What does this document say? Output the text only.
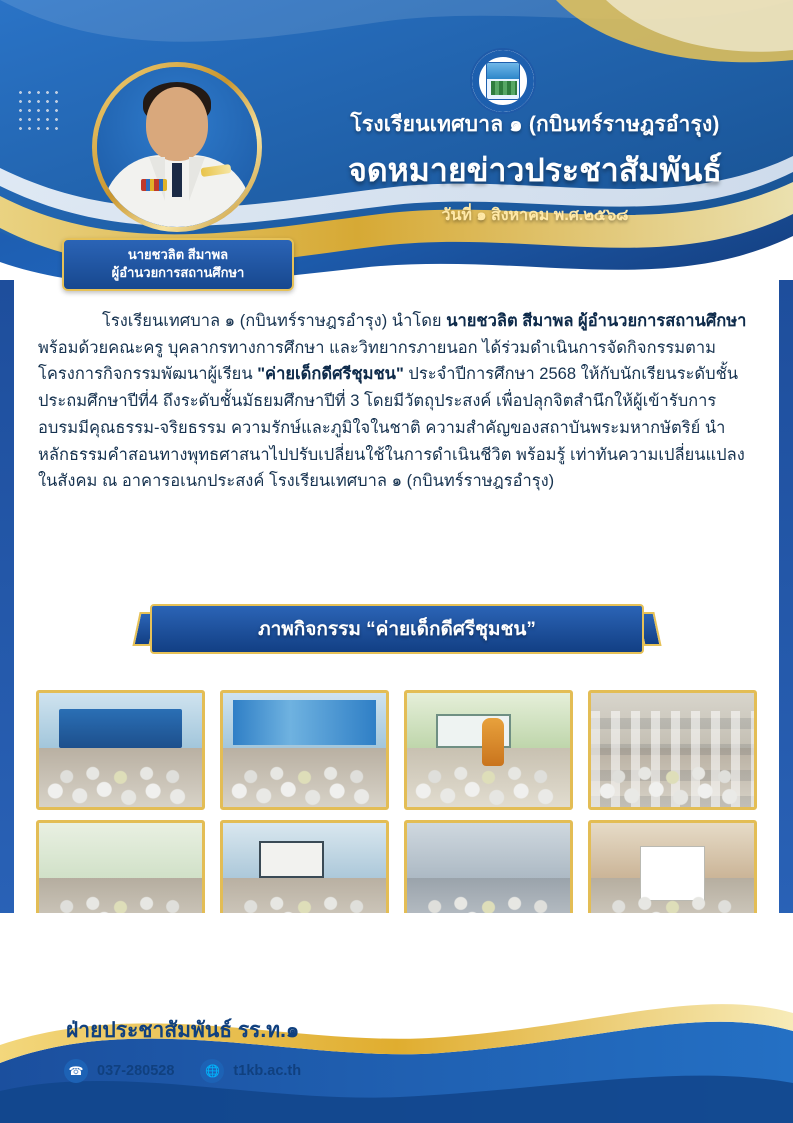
นายชวลิต สีมาพล
ผู้อำนวยการสถานศึกษา
โรงเรียนเทศบาล ๑ (กบินทร์ราษฎรอำรุง)
จดหมายข่าวประชาสัมพันธ์
วันที่ ๑ สิงหาคม พ.ศ.๒๕๖๘

โรงเรียนเทศบาล ๑ (กบินทร์ราษฎรอำรุง) นำโดย นายชวลิต สีมาพล ผู้อำนวยการสถานศึกษา พร้อมด้วยคณะครู บุคลากรทางการศึกษา และวิทยากรภายนอก ได้ร่วมดำเนินการจัดกิจกรรมตามโครงการกิจกรรมพัฒนาผู้เรียน "ค่ายเด็กดีศรีชุมชน" ประจำปีการศึกษา 2568 ให้กับนักเรียนระดับชั้นประถมศึกษาปีที่4 ถึงระดับชั้นมัธยมศึกษาปีที่ 3 โดยมีวัตถุประสงค์ เพื่อปลุกจิตสำนึกให้ผู้เข้ารับการอบรมมีคุณธรรม-จริยธรรม ความรักษ์และภูมิใจในชาติ ความสำคัญของสถาบันพระมหากษัตริย์ นำหลักธรรมคำสอนทางพุทธศาสนาไปปรับเปลี่ยนใช้ในการดำเนินชีวิต พร้อมรู้ เท่าทันความเปลี่ยนแปลงในสังคม ณ อาคารอเนกประสงค์ โรงเรียนเทศบาล ๑ (กบินทร์ราษฎรอำรุง)

ภาพกิจกรรม “ค่ายเด็กดีศรีชุมชน”
ฝ่ายประชาสัมพันธ์ รร.ท.๑
☎ 037-280528	🌐 t1kb.ac.th
